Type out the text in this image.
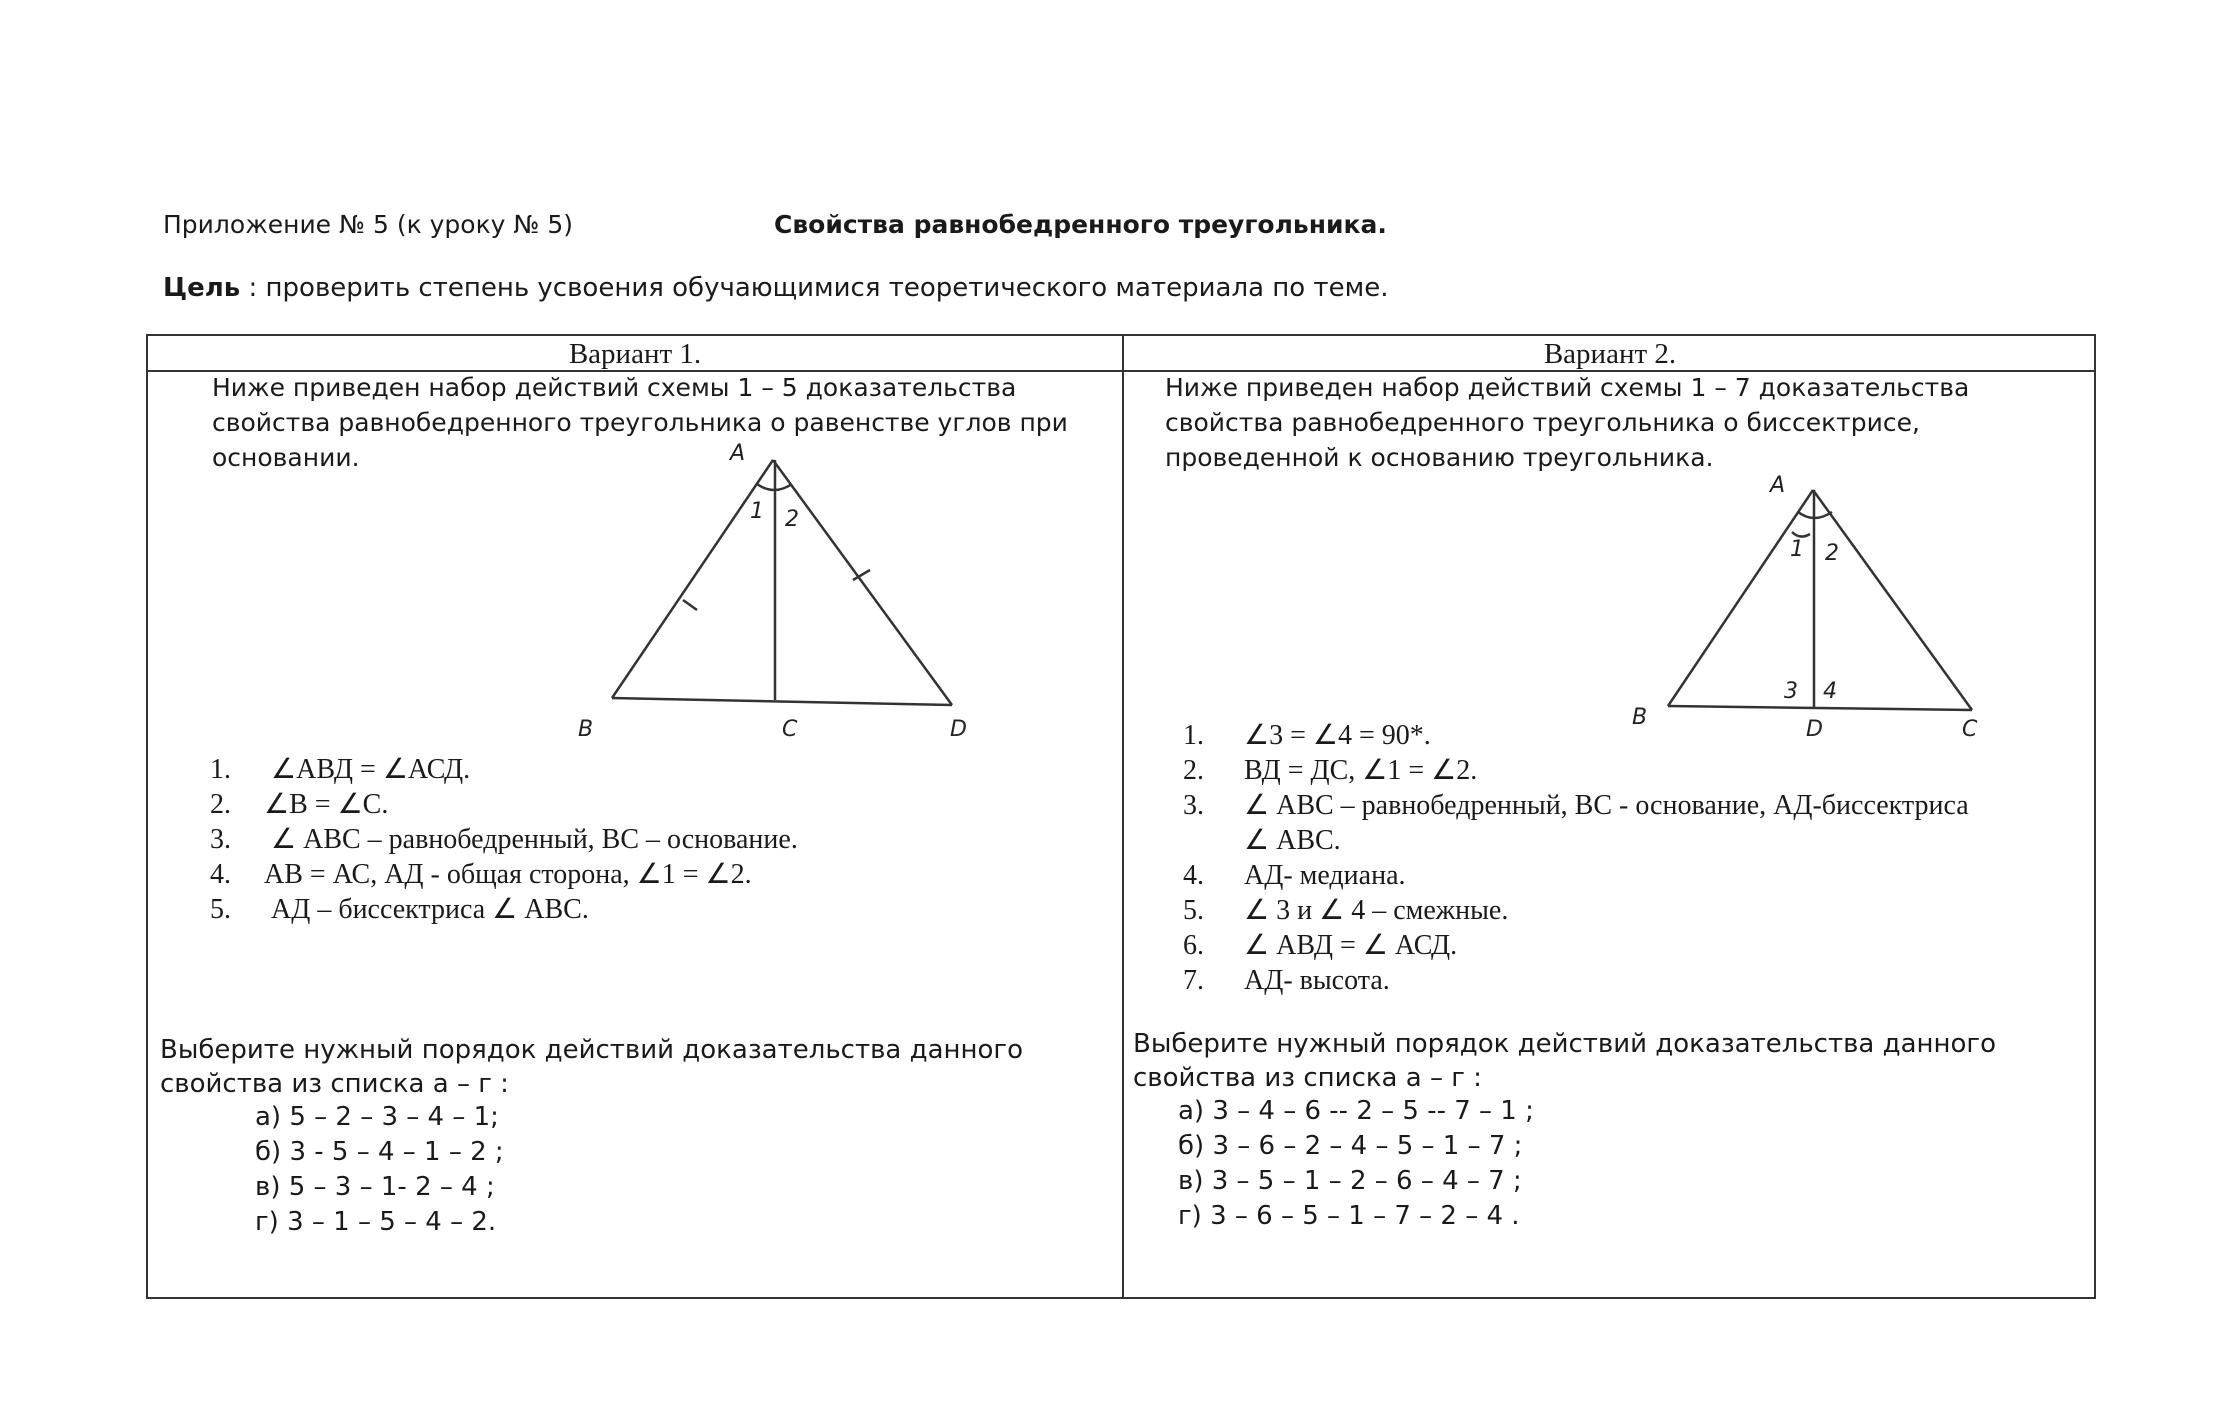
Приложение № 5 (к уроку № 5)	Свойства равнобедренного треугольника.
Цель : проверить степень усвоения обучающимися теоретического материала по теме.
Вариант 1.	Вариант 2.
Ниже приведен набор действий схемы 1 – 5 доказательства
свойства равнобедренного треугольника о равенстве углов при
основании.	A
B	C	D
1 2
1. ∠АВД = ∠АСД.
2. ∠В = ∠С.
3. ∠ АВС – равнобедренный, ВС – основание.
4. АВ = АС, АД - общая сторона, ∠1 = ∠2.
5. АД – биссектриса ∠ АВС.
Выберите нужный порядок действий доказательства данного
свойства из списка а – г :
а) 5 – 2 – 3 – 4 – 1;
б) 3 - 5 – 4 – 1 – 2 ;
в) 5 – 3 – 1- 2 – 4 ;
г) 3 – 1 – 5 – 4 – 2.
Ниже приведен набор действий схемы 1 – 7 доказательства
свойства равнобедренного треугольника о биссектрисе,
проведенной к основанию треугольника.
A
B	D	C
1 2
3 4
1. ∠3 = ∠4 = 90*.
2. ВД = ДС, ∠1 = ∠2.
3. ∠ АВС – равнобедренный, ВС - основание, АД-биссектриса
∠ АВС.
4. АД- медиана.
5. ∠ 3 и ∠ 4 – смежные.
6. ∠ АВД = ∠ АСД.
7. АД- высота.
Выберите нужный порядок действий доказательства данного
свойства из списка а – г :
а) 3 – 4 – 6 -- 2 – 5 -- 7 – 1 ;
б) 3 – 6 – 2 – 4 – 5 – 1 – 7 ;
в) 3 – 5 – 1 – 2 – 6 – 4 – 7 ;
г) 3 – 6 – 5 – 1 – 7 – 2 – 4 .
